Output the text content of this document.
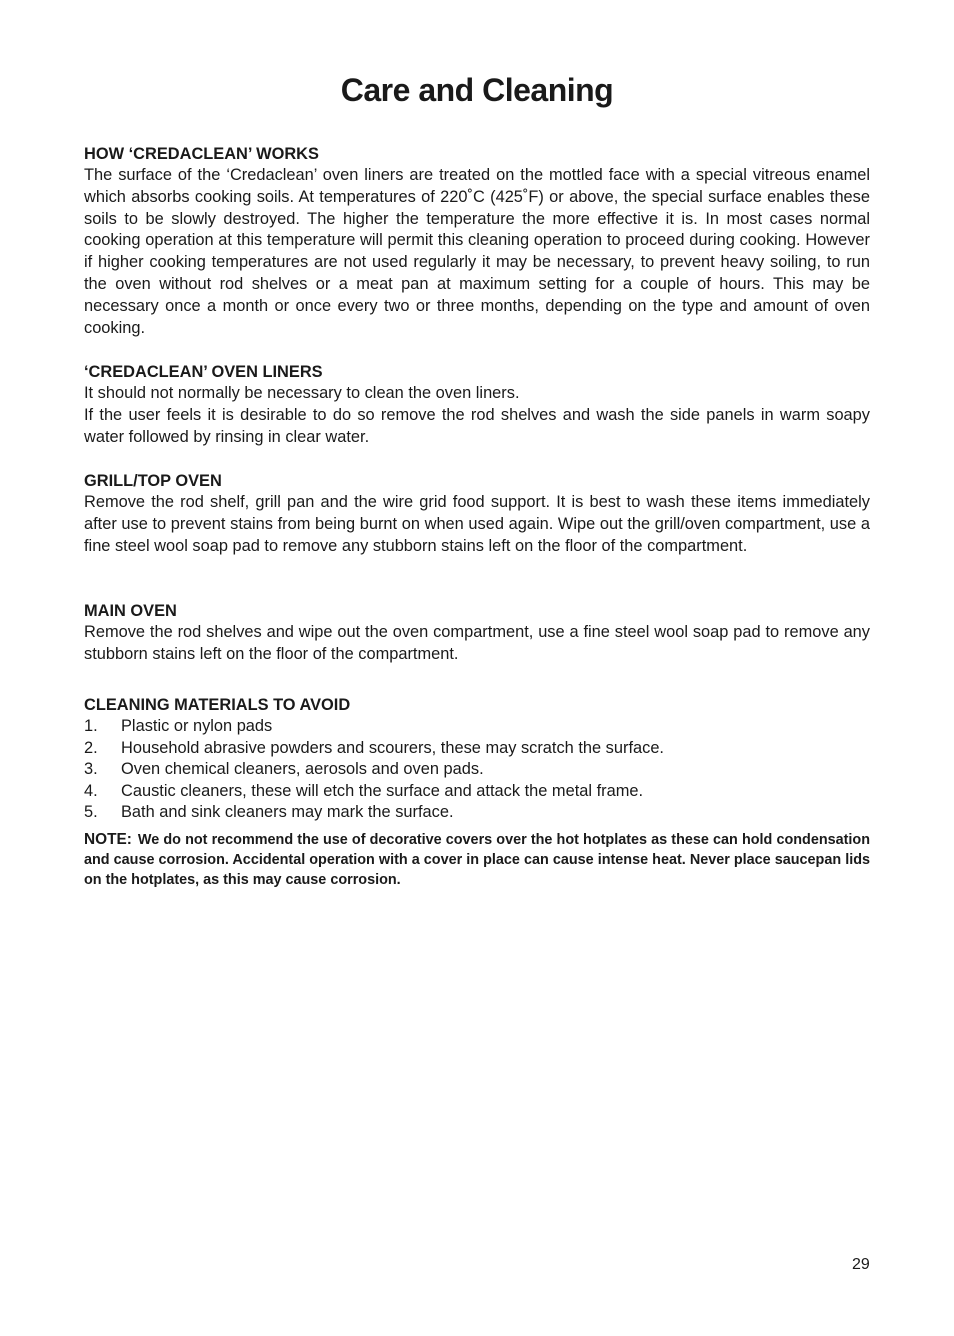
Care and Cleaning

HOW ‘CREDACLEAN’ WORKS

The surface of the ‘Credaclean’ oven liners are treated on the mottled face with a special vitreous enamel which absorbs cooking soils. At temperatures of 220˚C (425˚F) or above, the special surface enables these soils to be slowly destroyed. The higher the temperature the more effective it is. In most cases normal cooking operation at this temperature will permit this cleaning operation to proceed during cooking. However if higher cooking temperatures are not used regularly it may be necessary, to prevent heavy soiling, to run the oven without rod shelves or a meat pan at maximum setting for a couple of hours. This may be necessary once a month or once every two or three months, depending on the type and amount of oven cooking.

‘CREDACLEAN’ OVEN LINERS

It should not normally be necessary to clean the oven liners.

If the user feels it is desirable to do so remove the rod shelves and wash the side panels in warm soapy water followed by rinsing in clear water.

GRILL/TOP OVEN

Remove the rod shelf, grill pan and the wire grid food support. It is best to wash these items immediately after use to prevent stains from being burnt on when used again. Wipe out the grill/oven compartment, use a fine steel wool soap pad to remove any stubborn stains left on the floor of the compartment.

MAIN OVEN

Remove the rod shelves and wipe out the oven compartment, use a fine steel wool soap pad to remove any stubborn stains left on the floor of the compartment.

CLEANING MATERIALS TO AVOID

1.	Plastic or nylon pads
2.	Household abrasive powders and scourers, these may scratch the surface.
3.	Oven chemical cleaners, aerosols and oven pads.
4.	Caustic cleaners, these will etch the surface and attack the metal frame.
5.	Bath and sink cleaners may mark the surface.

NOTE: We do not recommend the use of decorative covers over the hot hotplates as these can hold condensation and cause corrosion. Accidental operation with a cover in place can cause intense heat. Never place saucepan lids on the hotplates, as this may cause corrosion.

29
